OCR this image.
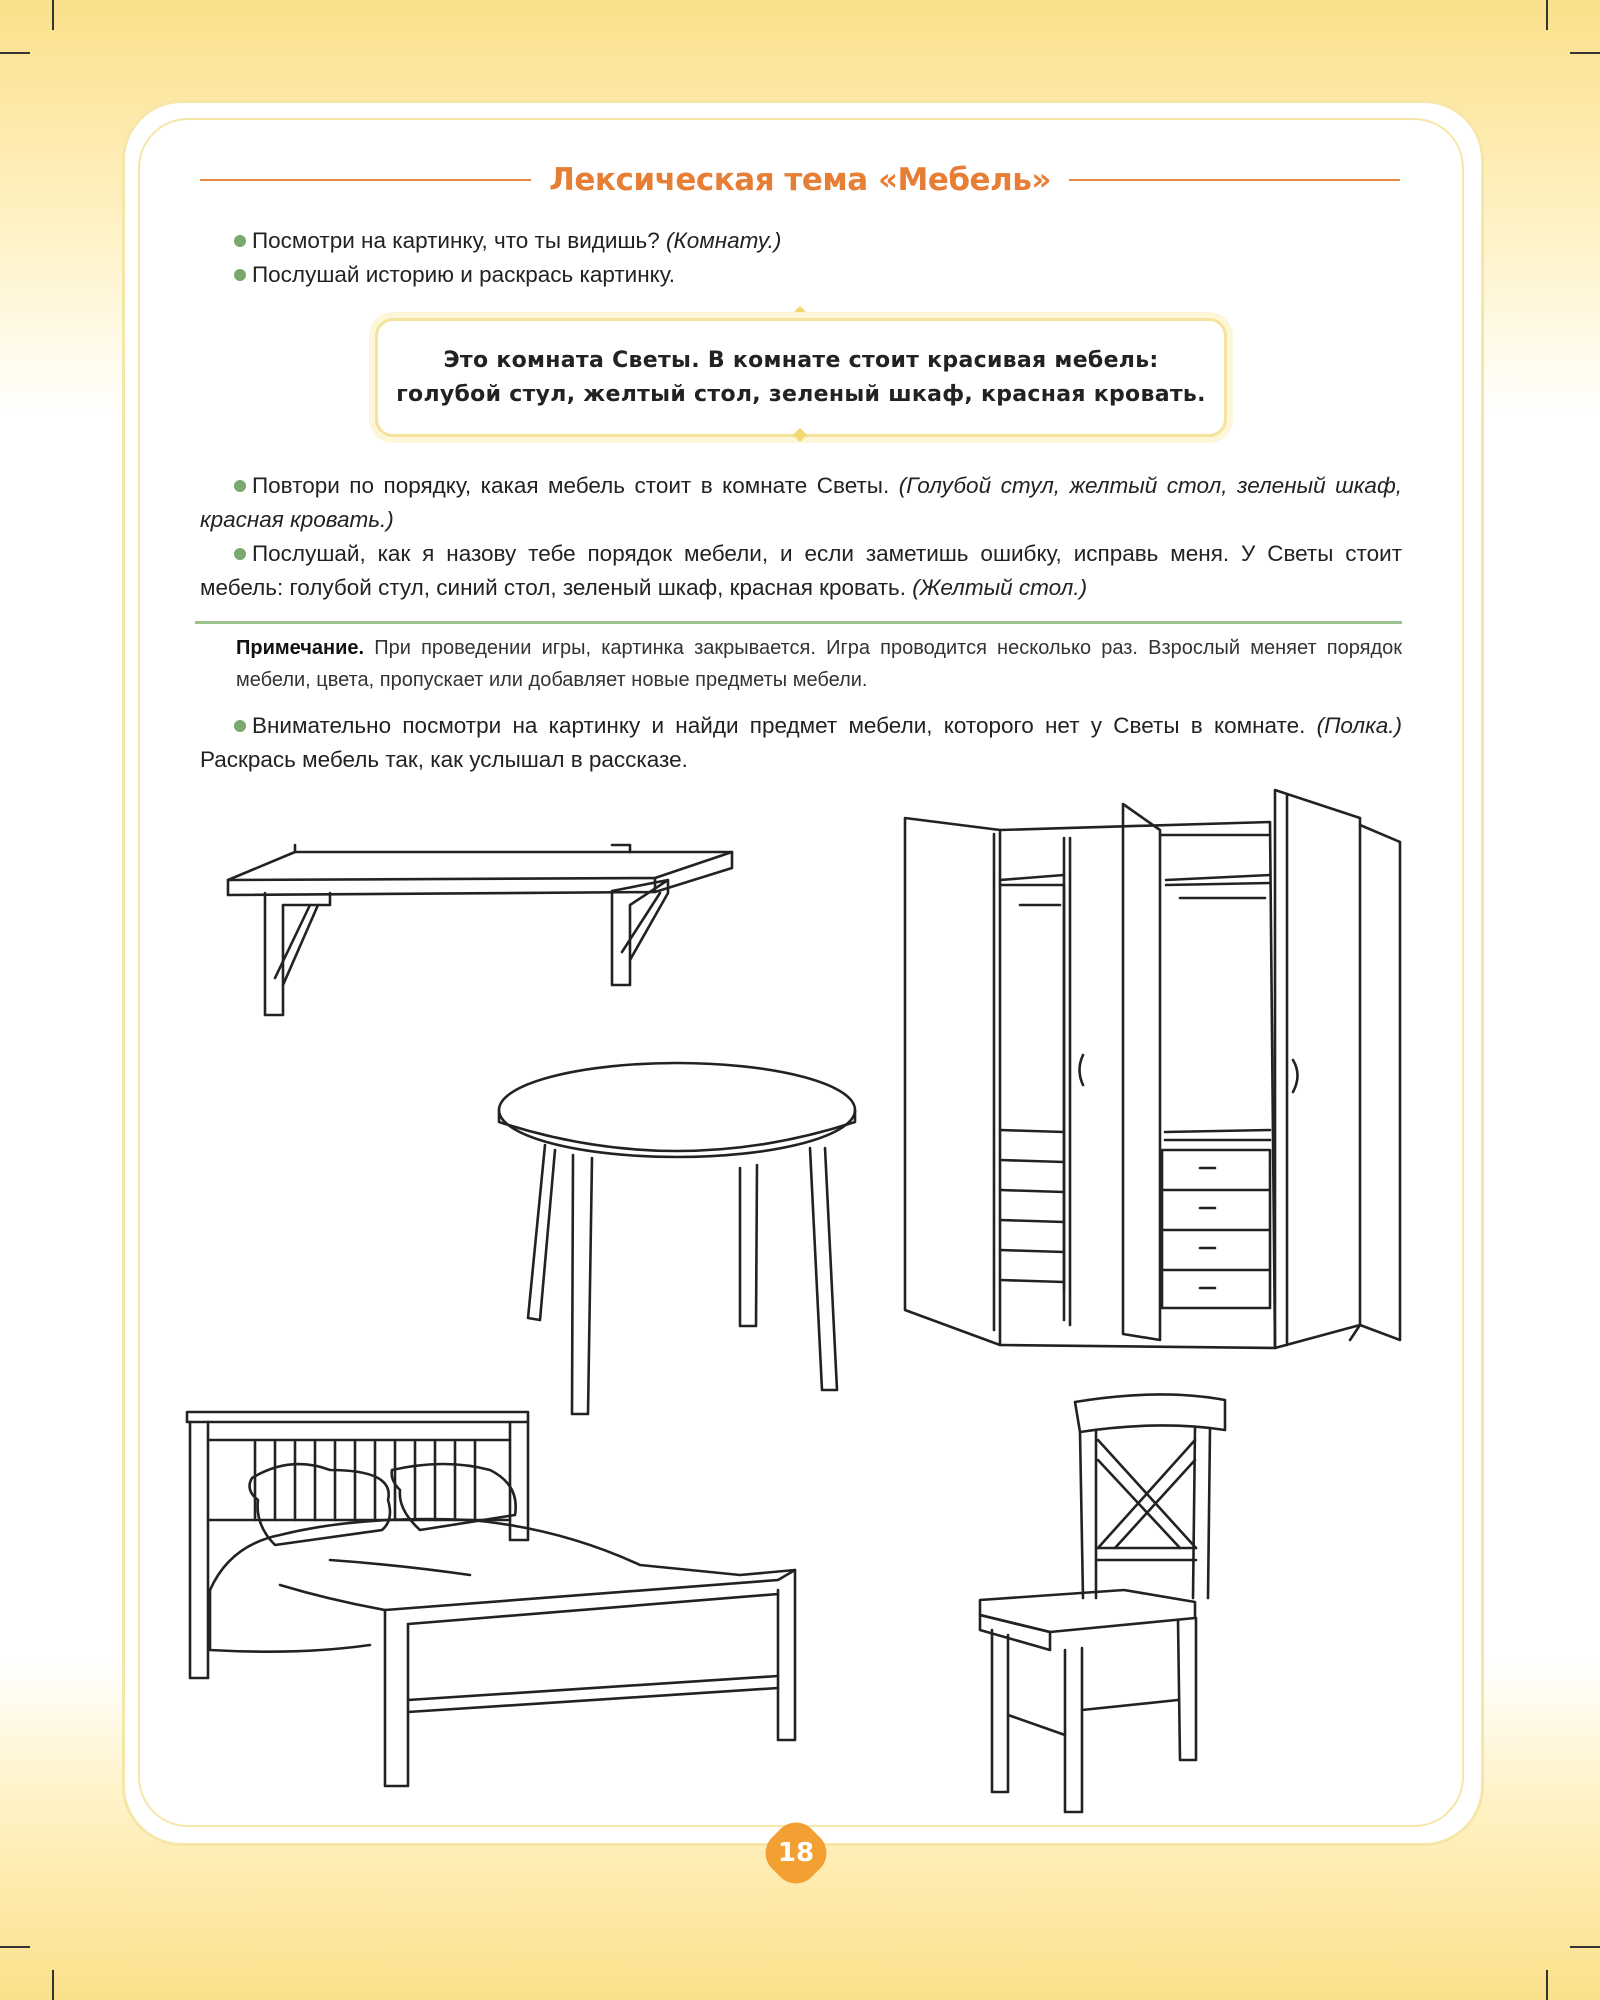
Лексическая тема «Мебель»

Посмотри на картинку, что ты видишь? (Комнату.)

Послушай историю и раскрась картинку.

Это комната Светы. В комнате стоит красивая мебель:
голубой стул, желтый стол, зеленый шкаф, красная кровать.

Повтори по порядку, какая мебель стоит в комнате Светы. (Голубой стул, желтый стол, зеленый шкаф, красная кровать.)

Послушай, как я назову тебе порядок мебели, и если заметишь ошибку, исправь меня. У Светы стоит мебель: голубой стул, синий стол, зеленый шкаф, красная кровать. (Желтый стол.)

Примечание. При проведении игры, картинка закрывается. Игра проводится несколько раз. Взрослый меняет порядок мебели, цвета, пропускает или добавляет новые предметы мебели.

Внимательно посмотри на картинку и найди предмет мебели, которого нет у Светы в комнате. (Полка.) Раскрась мебель так, как услышал в рассказе.

18
